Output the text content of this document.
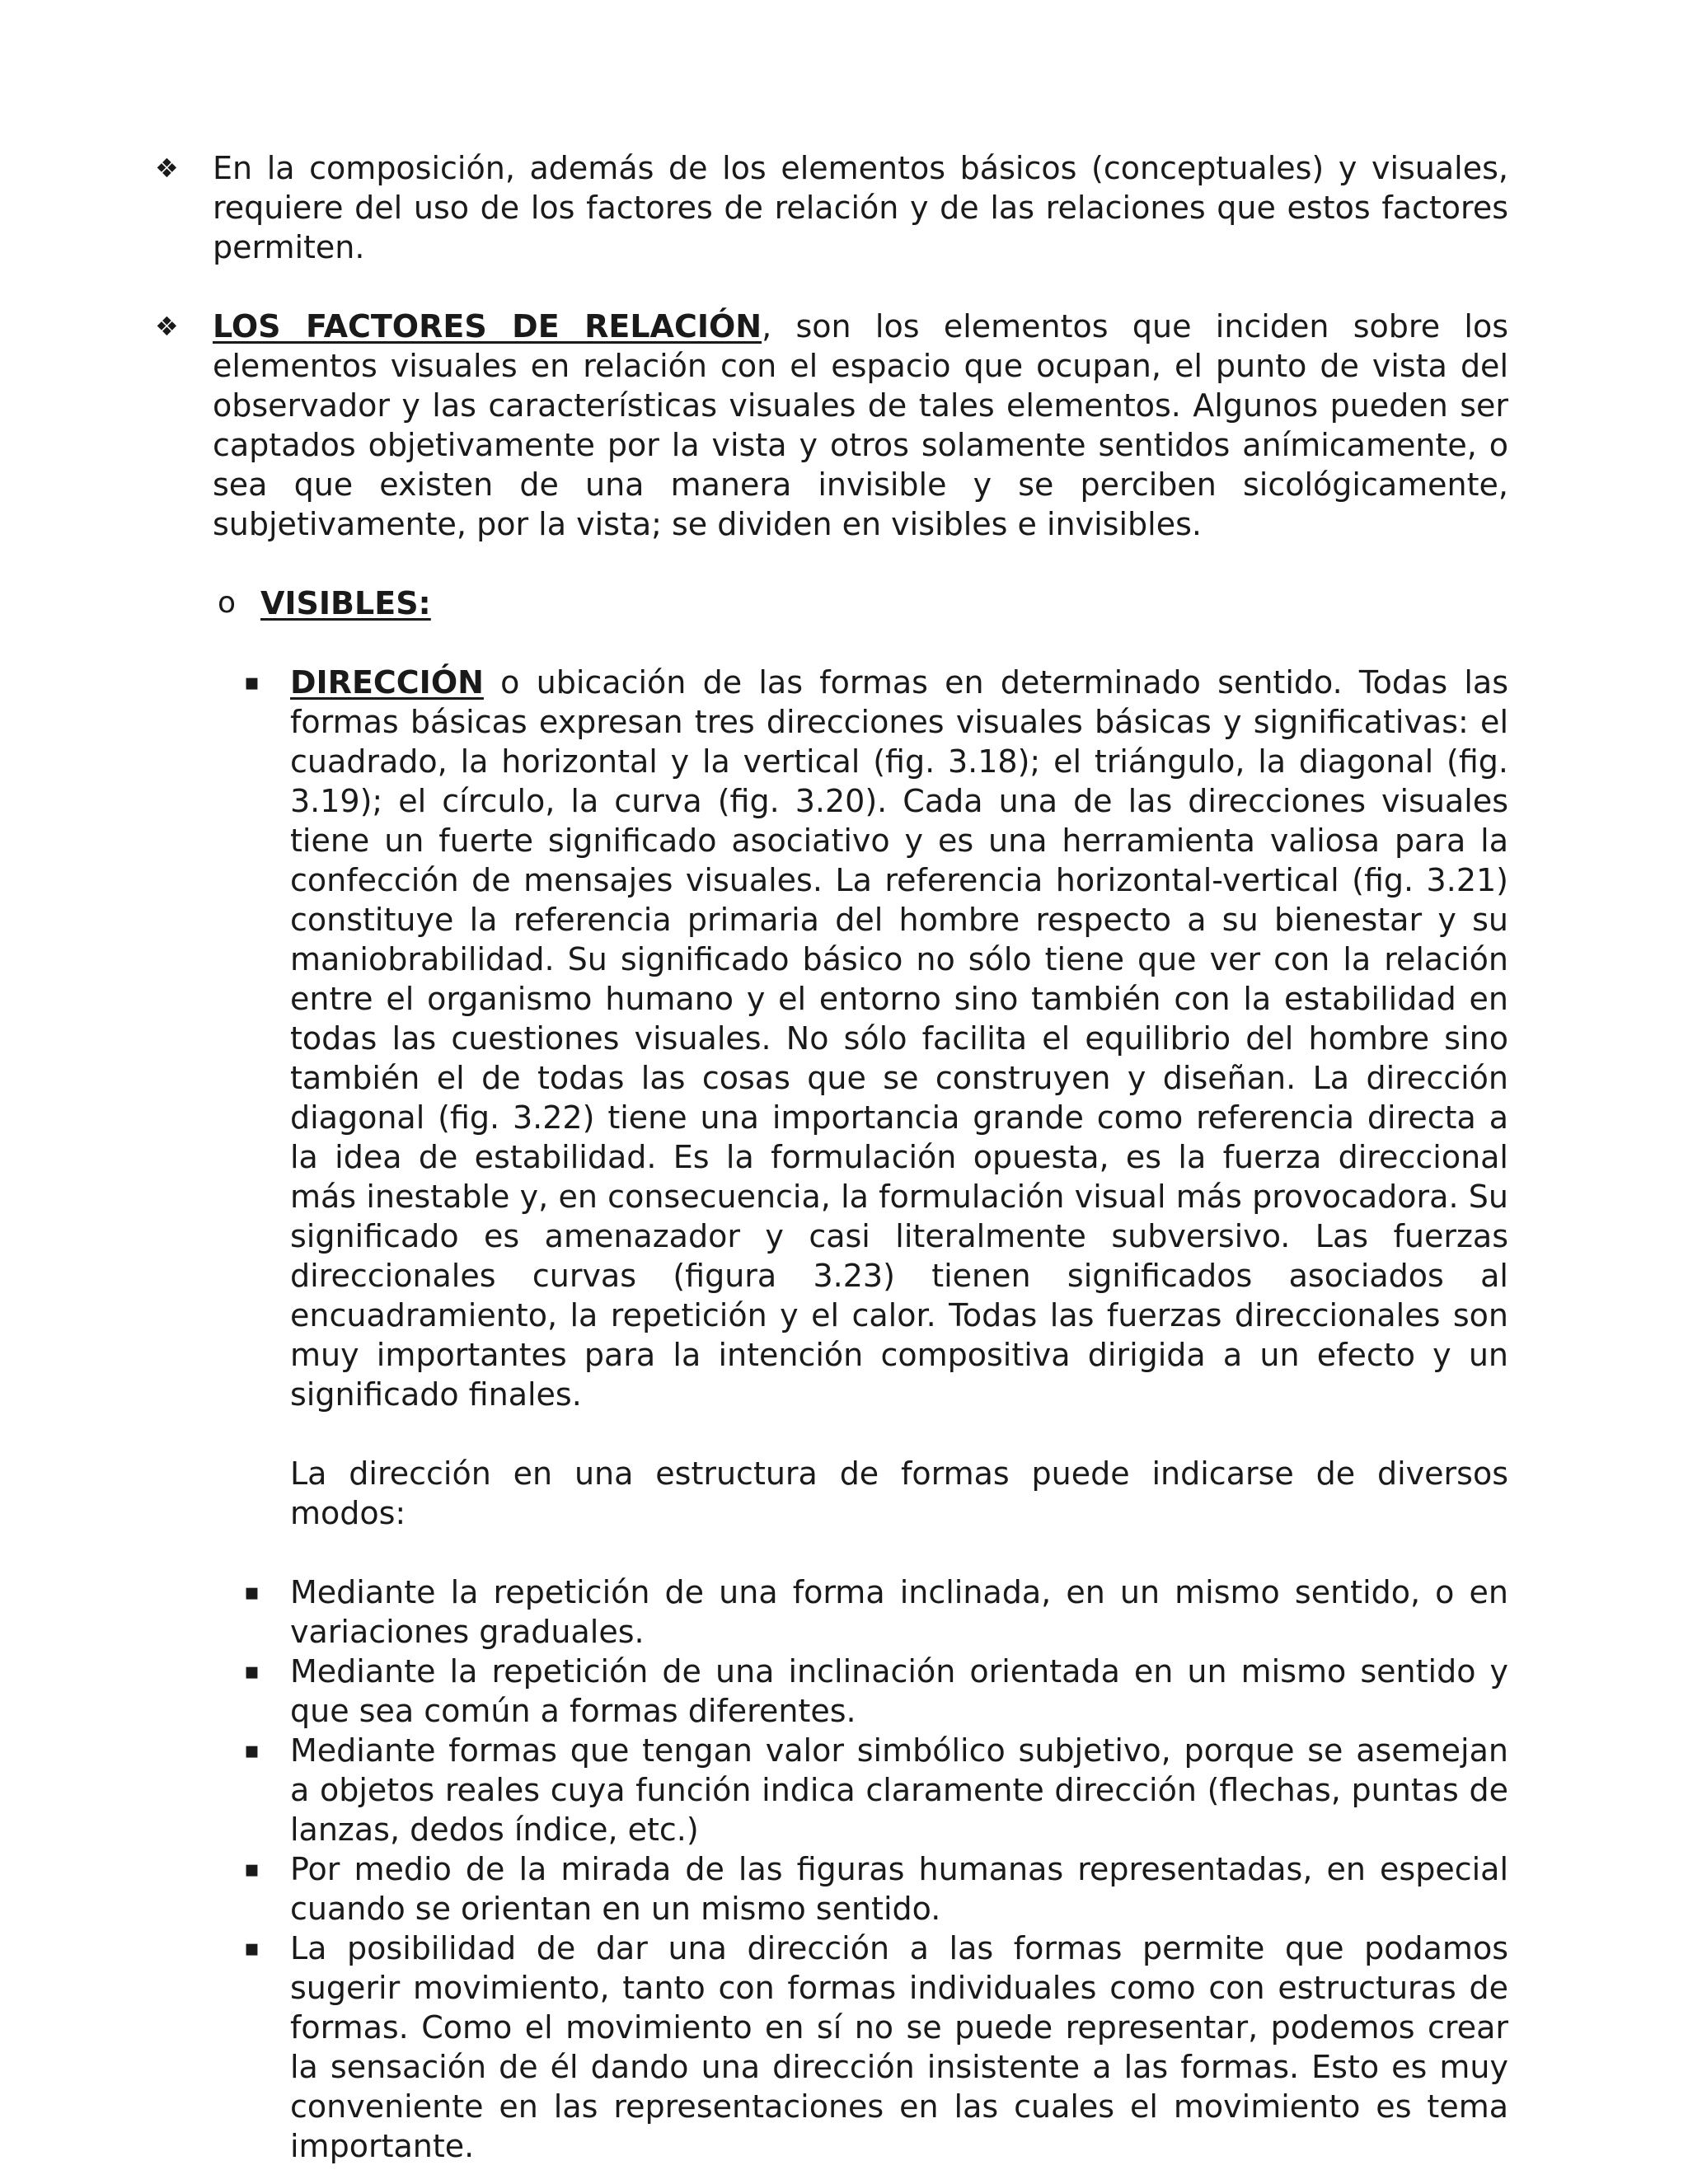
❖ En la composición, además de los elementos básicos (conceptuales) y visuales, requiere del uso de los factores de relación y de las relaciones que estos factores permiten.

❖ LOS FACTORES DE RELACIÓN, son los elementos que inciden sobre los elementos visuales en relación con el espacio que ocupan, el punto de vista del observador y las características visuales de tales elementos. Algunos pueden ser captados objetivamente por la vista y otros solamente sentidos anímicamente, o sea que existen de una manera invisible y se perciben sicológicamente, subjetivamente, por la vista; se dividen en visibles e invisibles.

o VISIBLES:

▪ DIRECCIÓN o ubicación de las formas en determinado sentido. Todas las formas básicas expresan tres direcciones visuales básicas y significativas: el cuadrado, la horizontal y la vertical (fig. 3.18); el triángulo, la diagonal (fig. 3.19); el círculo, la curva (fig. 3.20). Cada una de las direcciones visuales tiene un fuerte significado asociativo y es una herramienta valiosa para la confección de mensajes visuales. La referencia horizontal-vertical (fig. 3.21) constituye la referencia primaria del hombre respecto a su bienestar y su maniobrabilidad. Su significado básico no sólo tiene que ver con la relación entre el organismo humano y el entorno sino también con la estabilidad en todas las cuestiones visuales. No sólo facilita el equilibrio del hombre sino también el de todas las cosas que se construyen y diseñan. La dirección diagonal (fig. 3.22) tiene una importancia grande como referencia directa a la idea de estabilidad. Es la formulación opuesta, es la fuerza direccional más inestable y, en consecuencia, la formulación visual más provocadora. Su significado es amenazador y casi literalmente subversivo. Las fuerzas direccionales curvas (figura 3.23) tienen significados asociados al encuadramiento, la repetición y el calor. Todas las fuerzas direccionales son muy importantes para la intención compositiva dirigida a un efecto y un significado finales.

La dirección en una estructura de formas puede indicarse de diversos modos:

▪ Mediante la repetición de una forma inclinada, en un mismo sentido, o en variaciones graduales.

▪ Mediante la repetición de una inclinación orientada en un mismo sentido y que sea común a formas diferentes.

▪ Mediante formas que tengan valor simbólico subjetivo, porque se asemejan a objetos reales cuya función indica claramente dirección (flechas, puntas de lanzas, dedos índice, etc.)

▪ Por medio de la mirada de las figuras humanas representadas, en especial cuando se orientan en un mismo sentido.

▪ La posibilidad de dar una dirección a las formas permite que podamos sugerir movimiento, tanto con formas individuales como con estructuras de formas. Como el movimiento en sí no se puede representar, podemos crear la sensación de él dando una dirección insistente a las formas. Esto es muy conveniente en las representaciones en las cuales el movimiento es tema importante.
